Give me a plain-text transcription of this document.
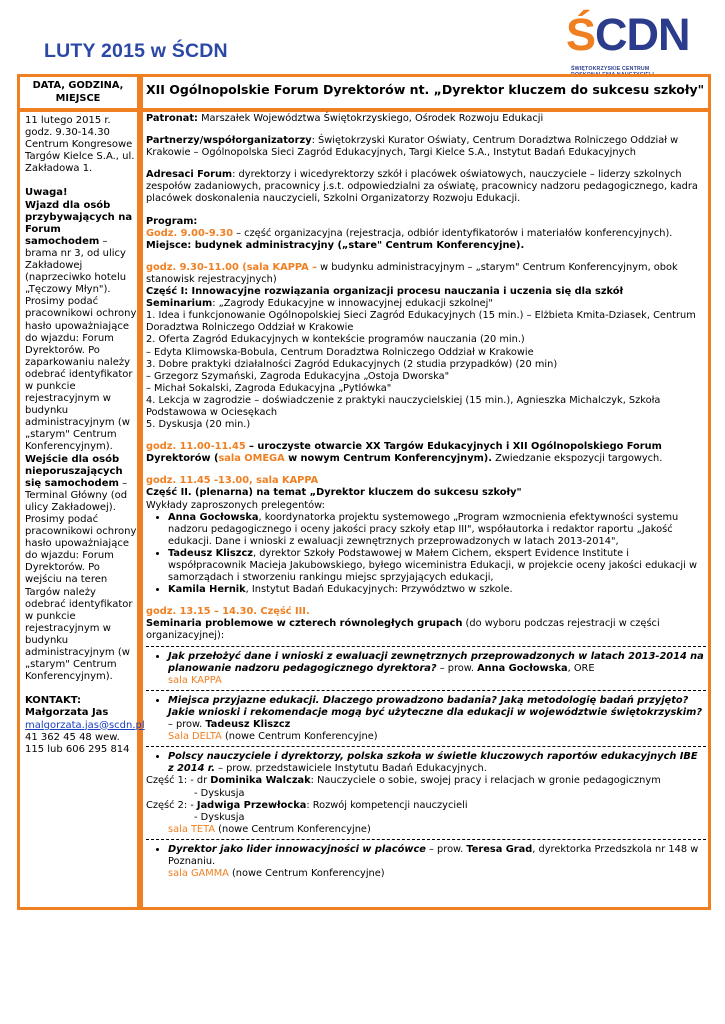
LUTY 2015 w ŚCDN	ŚCDN
ŚWIĘTOKRZYSKIE CENTRUM
DOSKONALENIA NAUCZYCIELI
DATA, GODZINA, MIEJSCE
XII Ogólnopolskie Forum Dyrektorów nt. „Dyrektor kluczem do sukcesu szkoły"

11 lutego 2015 r.

godz. 9.30-14.30

Centrum Kongresowe Targów Kielce S.A., ul. Zakładowa 1.

Uwaga!

Wjazd dla osób przybywających na Forum samochodem – brama nr 3, od ulicy Zakładowej (naprzeciwko hotelu „Tęczowy Młyn"). Prosimy podać pracownikowi ochrony hasło upoważniające do wjazdu: Forum Dyrektorów. Po zaparkowaniu należy odebrać identyfikator w punkcie rejestracyjnym w budynku administracyjnym (w „starym" Centrum Konferencyjnym).

Wejście dla osób nieporuszających się samochodem – Terminal Główny (od ulicy Zakładowej). Prosimy podać pracownikowi ochrony hasło upoważniające do wjazdu: Forum Dyrektorów. Po wejściu na teren Targów należy odebrać identyfikator w punkcie rejestracyjnym w budynku administracyjnym (w „starym" Centrum Konferencyjnym).

KONTAKT:

Małgorzata Jas

malgorzata.jas@scdn.pl

41 362 45 48 wew.

115 lub 606 295 814

Patronat: Marszałek Województwa Świętokrzyskiego, Ośrodek Rozwoju Edukacji

Partnerzy/współorganizatorzy: Świętokrzyski Kurator Oświaty, Centrum Doradztwa Rolniczego Oddział w Krakowie – Ogólnopolska Sieci Zagród Edukacyjnych, Targi Kielce S.A., Instytut Badań Edukacyjnych

Adresaci Forum: dyrektorzy i wicedyrektorzy szkół i placówek oświatowych, nauczyciele – liderzy szkolnych zespołów zadaniowych, pracownicy j.s.t. odpowiedzialni za oświatę, pracownicy nadzoru pedagogicznego, kadra placówek doskonalenia nauczycieli, Szkolni Organizatorzy Rozwoju Edukacji.

Program:

Godz. 9.00-9.30 – część organizacyjna (rejestracja, odbiór identyfikatorów i materiałów konferencyjnych).

Miejsce: budynek administracyjny („stare" Centrum Konferencyjne).

godz. 9.30-11.00 (sala KAPPA – w budynku administracyjnym – „starym" Centrum Konferencyjnym, obok stanowisk rejestracyjnych)

Część I: Innowacyjne rozwiązania organizacji procesu nauczania i uczenia się dla szkół

Seminarium: „Zagrody Edukacyjne w innowacyjnej edukacji szkolnej"

1. Idea i funkcjonowanie Ogólnopolskiej Sieci Zagród Edukacyjnych (15 min.) – Elżbieta Kmita-Dziasek, Centrum Doradztwa Rolniczego Oddział w Krakowie

2. Oferta Zagród Edukacyjnych w kontekście programów nauczania (20 min.)

– Edyta Klimowska-Bobula, Centrum Doradztwa Rolniczego Oddział w Krakowie

3. Dobre praktyki działalności Zagród Edukacyjnych (2 studia przypadków) (20 min)

– Grzegorz Szymański, Zagroda Edukacyjna „Ostoja Dworska"

– Michał Sokalski, Zagroda Edukacyjna „Pytlówka"

4. Lekcja w zagrodzie – doświadczenie z praktyki nauczycielskiej (15 min.), Agnieszka Michalczyk, Szkoła Podstawowa w Ociesękach

5. Dyskusja (20 min.)

godz. 11.00-11.45 – uroczyste otwarcie XX Targów Edukacyjnych i XII Ogólnopolskiego Forum Dyrektorów (sala OMEGA w nowym Centrum Konferencyjnym). Zwiedzanie ekspozycji targowych.

godz. 11.45 -13.00, sala KAPPA

Część II. (plenarna) na temat „Dyrektor kluczem do sukcesu szkoły"

Wykłady zaproszonych prelegentów:

• Anna Gocłowska, koordynatorka projektu systemowego „Program wzmocnienia efektywności systemu nadzoru pedagogicznego i oceny jakości pracy szkoły etap III", współautorka i redaktor raportu „Jakość edukacji. Dane i wnioski z ewaluacji zewnętrznych przeprowadzonych w latach 2013-2014",
• Tadeusz Kliszcz, dyrektor Szkoły Podstawowej w Małem Cichem, ekspert Evidence Institute i współpracownik Macieja Jakubowskiego, byłego wiceministra Edukacji, w projekcie oceny jakości edukacji w samorządach i stworzeniu rankingu miejsc sprzyjających edukacji,
• Kamila Hernik, Instytut Badań Edukacyjnych: Przywództwo w szkole.

godz. 13.15 – 14.30. Część III.

Seminaria problemowe w czterech równoległych grupach (do wyboru podczas rejestracji w części organizacyjnej):

• Jak przełożyć dane i wnioski z ewaluacji zewnętrznych przeprowadzonych w latach 2013-2014 na planowanie nadzoru pedagogicznego dyrektora? – prow. Anna Gocłowska, ORE

sala KAPPA

• Miejsca przyjazne edukacji. Dlaczego prowadzono badania? Jaką metodologię badań przyjęto? Jakie wnioski i rekomendacje mogą być użyteczne dla edukacji w województwie świętokrzyskim? – prow. Tadeusz Kliszcz

Sala DELTA (nowe Centrum Konferencyjne)

• Polscy nauczyciele i dyrektorzy, polska szkoła w świetle kluczowych raportów edukacyjnych IBE z 2014 r. – prow. przedstawiciele Instytutu Badań Edukacyjnych.

Część 1: - dr Dominika Walczak: Nauczyciele o sobie, swojej pracy i relacjach w gronie pedagogicznym

- Dyskusja

Część 2: - Jadwiga Przewłocka: Rozwój kompetencji nauczycieli

- Dyskusja

sala TETA (nowe Centrum Konferencyjne)

• Dyrektor jako lider innowacyjności w placówce – prow. Teresa Grad, dyrektorka Przedszkola nr 148 w Poznaniu.

sala GAMMA (nowe Centrum Konferencyjne)
